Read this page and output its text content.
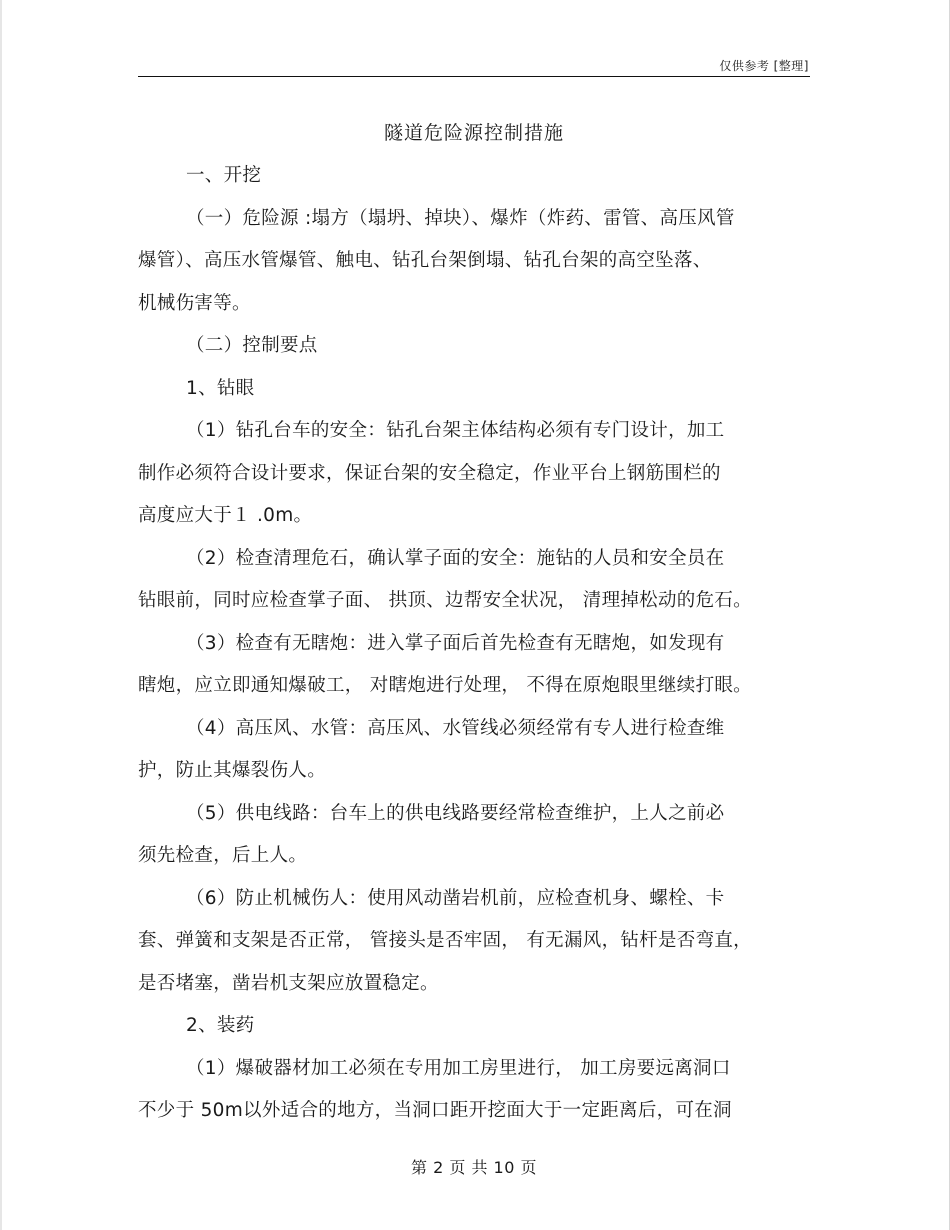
仅供参考 [整理]
隧道危险源控制措施
一、开挖
（一）危险源 :塌方（塌坍、掉块）、爆炸（炸药、雷管、高压风管
爆管）、高压水管爆管、触电、钻孔台架倒塌、钻孔台架的高空坠落、
机械伤害等。
（二）控制要点
1、钻眼
（1）钻孔台车的安全：钻孔台架主体结构必须有专门设计，加工
制作必须符合设计要求，保证台架的安全稳定，作业平台上钢筋围栏的
高度应大于１ .0m。
（2）检查清理危石，确认掌子面的安全：施钻的人员和安全员在
钻眼前，同时应检查掌子面、 拱顶、边帮安全状况， 清理掉松动的危石。
（3）检查有无瞎炮：进入掌子面后首先检查有无瞎炮，如发现有
瞎炮，应立即通知爆破工， 对瞎炮进行处理， 不得在原炮眼里继续打眼。
（4）高压风、水管：高压风、水管线必须经常有专人进行检查维
护，防止其爆裂伤人。
（5）供电线路：台车上的供电线路要经常检查维护，上人之前必
须先检查，后上人。
（6）防止机械伤人：使用风动凿岩机前，应检查机身、螺栓、卡
套、弹簧和支架是否正常， 管接头是否牢固， 有无漏风，钻杆是否弯直，
是否堵塞，凿岩机支架应放置稳定。
2、装药
（1）爆破器材加工必须在专用加工房里进行， 加工房要远离洞口
不少于 50m以外适合的地方，当洞口距开挖面大于一定距离后，可在洞
第 2 页 共 10 页
